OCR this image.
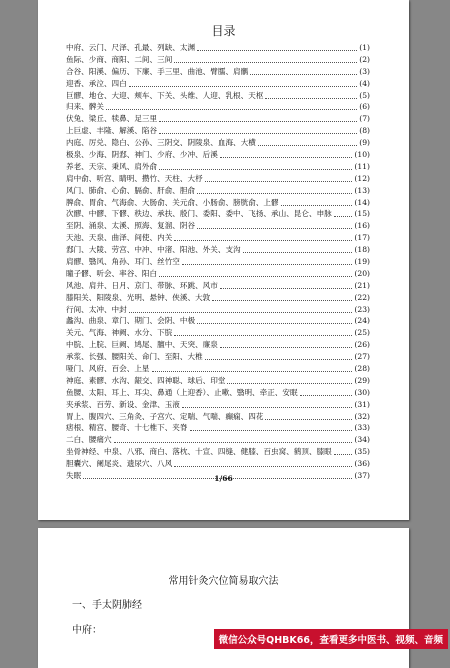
目录
中府、云门、尺泽、孔最、列缺、太渊	(1)
鱼际、少商、商阳、二间、三间	(2)
合谷、阳溪、偏历、下廉、手三里、曲池、臂臑、肩髃	(3)
迎香、承泣、四白	(4)
巨髎、地仓、大迎、颊车、下关、头维、人迎、乳根、天枢	(5)
归来、髀关	(6)
伏兔、梁丘、犊鼻、足三里	(7)
上巨虚、丰隆、解溪、陷谷	(8)
内庭、厉兑、隐白、公孙、三阴交、阴陵泉、血海、大横	(9)
极泉、少海、阴郄、神门、少府、少冲、后溪	(10)
养老、天宗、秉风、肩外俞	(11)
肩中俞、听宫、睛明、攒竹、天柱、大杼	(12)
风门、肺俞、心俞、膈俞、肝俞、胆俞	(13)
脾俞、胃俞、气海俞、大肠俞、关元俞、小肠俞、膀胱俞、上髎	(14)
次髎、中髎、下髎、秩边、承扶、殷门、委阳、委中、飞扬、承山、昆仑、申脉	(15)
至阴、涌泉、太溪、照海、复溜、阴谷	(16)
天池、天泉、曲泽、间使、内关	(17)
郄门、大陵、劳宫、中冲、中渚、阳池、外关、支沟	(18)
肩髎、翳风、角孙、耳门、丝竹空	(19)
瞳子髎、听会、率谷、阳白	(20)
风池、肩井、日月、京门、带脉、环跳、风市	(21)
膝阳关、阳陵泉、光明、悬钟、侠溪、大敦	(22)
行间、太冲、中封	(23)
蠡沟、曲泉、章门、期门、会阴、中极	(24)
关元、气海、神阙、水分、下脘	(25)
中脘、上脘、巨阙、鸠尾、膻中、天突、廉泉	(26)
承浆、长强、腰阳关、命门、至阳、大椎	(27)
哑门、风府、百会、上星	(28)
神庭、素髎、水沟、龈交、四神聪、球后、印堂	(29)
鱼腰、太阳、耳上、耳尖、鼻通（上迎香）、止嗽、翳明、牵正、安眠	(30)
夹承浆、百劳、新设、金津、玉液	(31)
胃上、腹四穴、三角灸、子宫穴、定喘、气喘、癫痫、四花	(32)
痞根、精宫、腰奇、十七椎下、夹脊	(33)
二白、腰痛穴	(34)
坐骨神经、中泉、八邪、商白、落枕、十宣、四缝、健膝、百虫窝、鹤顶、膝眼	(35)
胆囊穴、阑尾炎、遗尿穴、八风	(36)
失眠	(37)
1/66
常用针灸穴位简易取穴法
一、手太阴肺经
中府：
微信公众号QHBK66，查看更多中医书、视频、音频
